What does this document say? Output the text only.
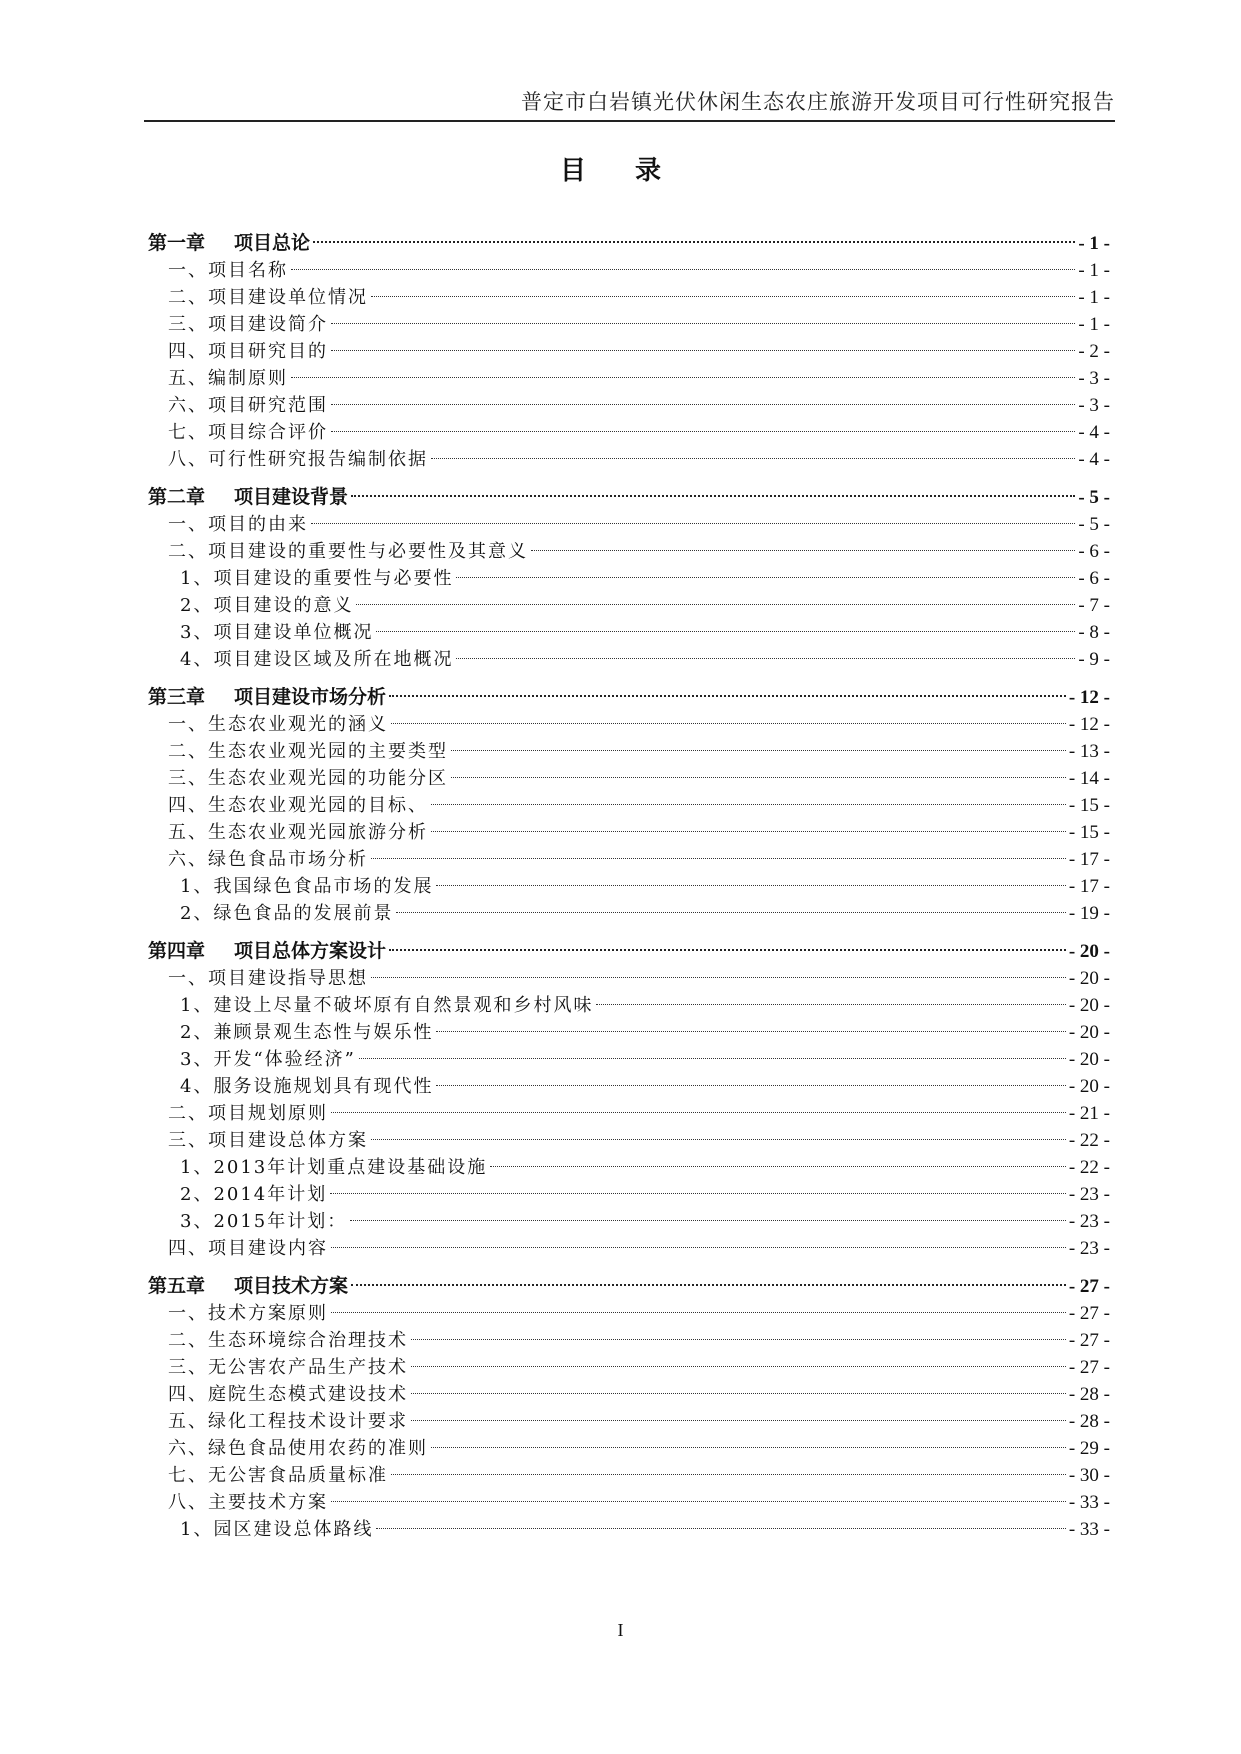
普定市白岩镇光伏休闲生态农庄旅游开发项目可行性研究报告
目 录
第一章	项目总论	- 1 -
一、项目名称	- 1 -
二、项目建设单位情况	- 1 -
三、项目建设简介	- 1 -
四、项目研究目的	- 2 -
五、编制原则	- 3 -
六、项目研究范围	- 3 -
七、项目综合评价	- 4 -
八、可行性研究报告编制依据	- 4 -
第二章	项目建设背景	- 5 -
一、项目的由来	- 5 -
二、项目建设的重要性与必要性及其意义	- 6 -
1、项目建设的重要性与必要性	- 6 -
2、项目建设的意义	- 7 -
3、项目建设单位概况	- 8 -
4、项目建设区域及所在地概况	- 9 -
第三章	项目建设市场分析	- 12 -
一、生态农业观光的涵义	- 12 -
二、生态农业观光园的主要类型	- 13 -
三、生态农业观光园的功能分区	- 14 -
四、生态农业观光园的目标、	- 15 -
五、生态农业观光园旅游分析	- 15 -
六、绿色食品市场分析	- 17 -
1、我国绿色食品市场的发展	- 17 -
2、绿色食品的发展前景	- 19 -
第四章	项目总体方案设计	- 20 -
一、项目建设指导思想	- 20 -
1、建设上尽量不破坏原有自然景观和乡村风味	- 20 -
2、兼顾景观生态性与娱乐性	- 20 -
3、开发“体验经济”	- 20 -
4、服务设施规划具有现代性	- 20 -
二、项目规划原则	- 21 -
三、项目建设总体方案	- 22 -
1、2013年计划重点建设基础设施	- 22 -
2、2014年计划	- 23 -
3、2015年计划：	- 23 -
四、项目建设内容	- 23 -
第五章	项目技术方案	- 27 -
一、技术方案原则	- 27 -
二、生态环境综合治理技术	- 27 -
三、无公害农产品生产技术	- 27 -
四、庭院生态模式建设技术	- 28 -
五、绿化工程技术设计要求	- 28 -
六、绿色食品使用农药的准则	- 29 -
七、无公害食品质量标准	- 30 -
八、主要技术方案	- 33 -
1、园区建设总体路线	- 33 -
I
